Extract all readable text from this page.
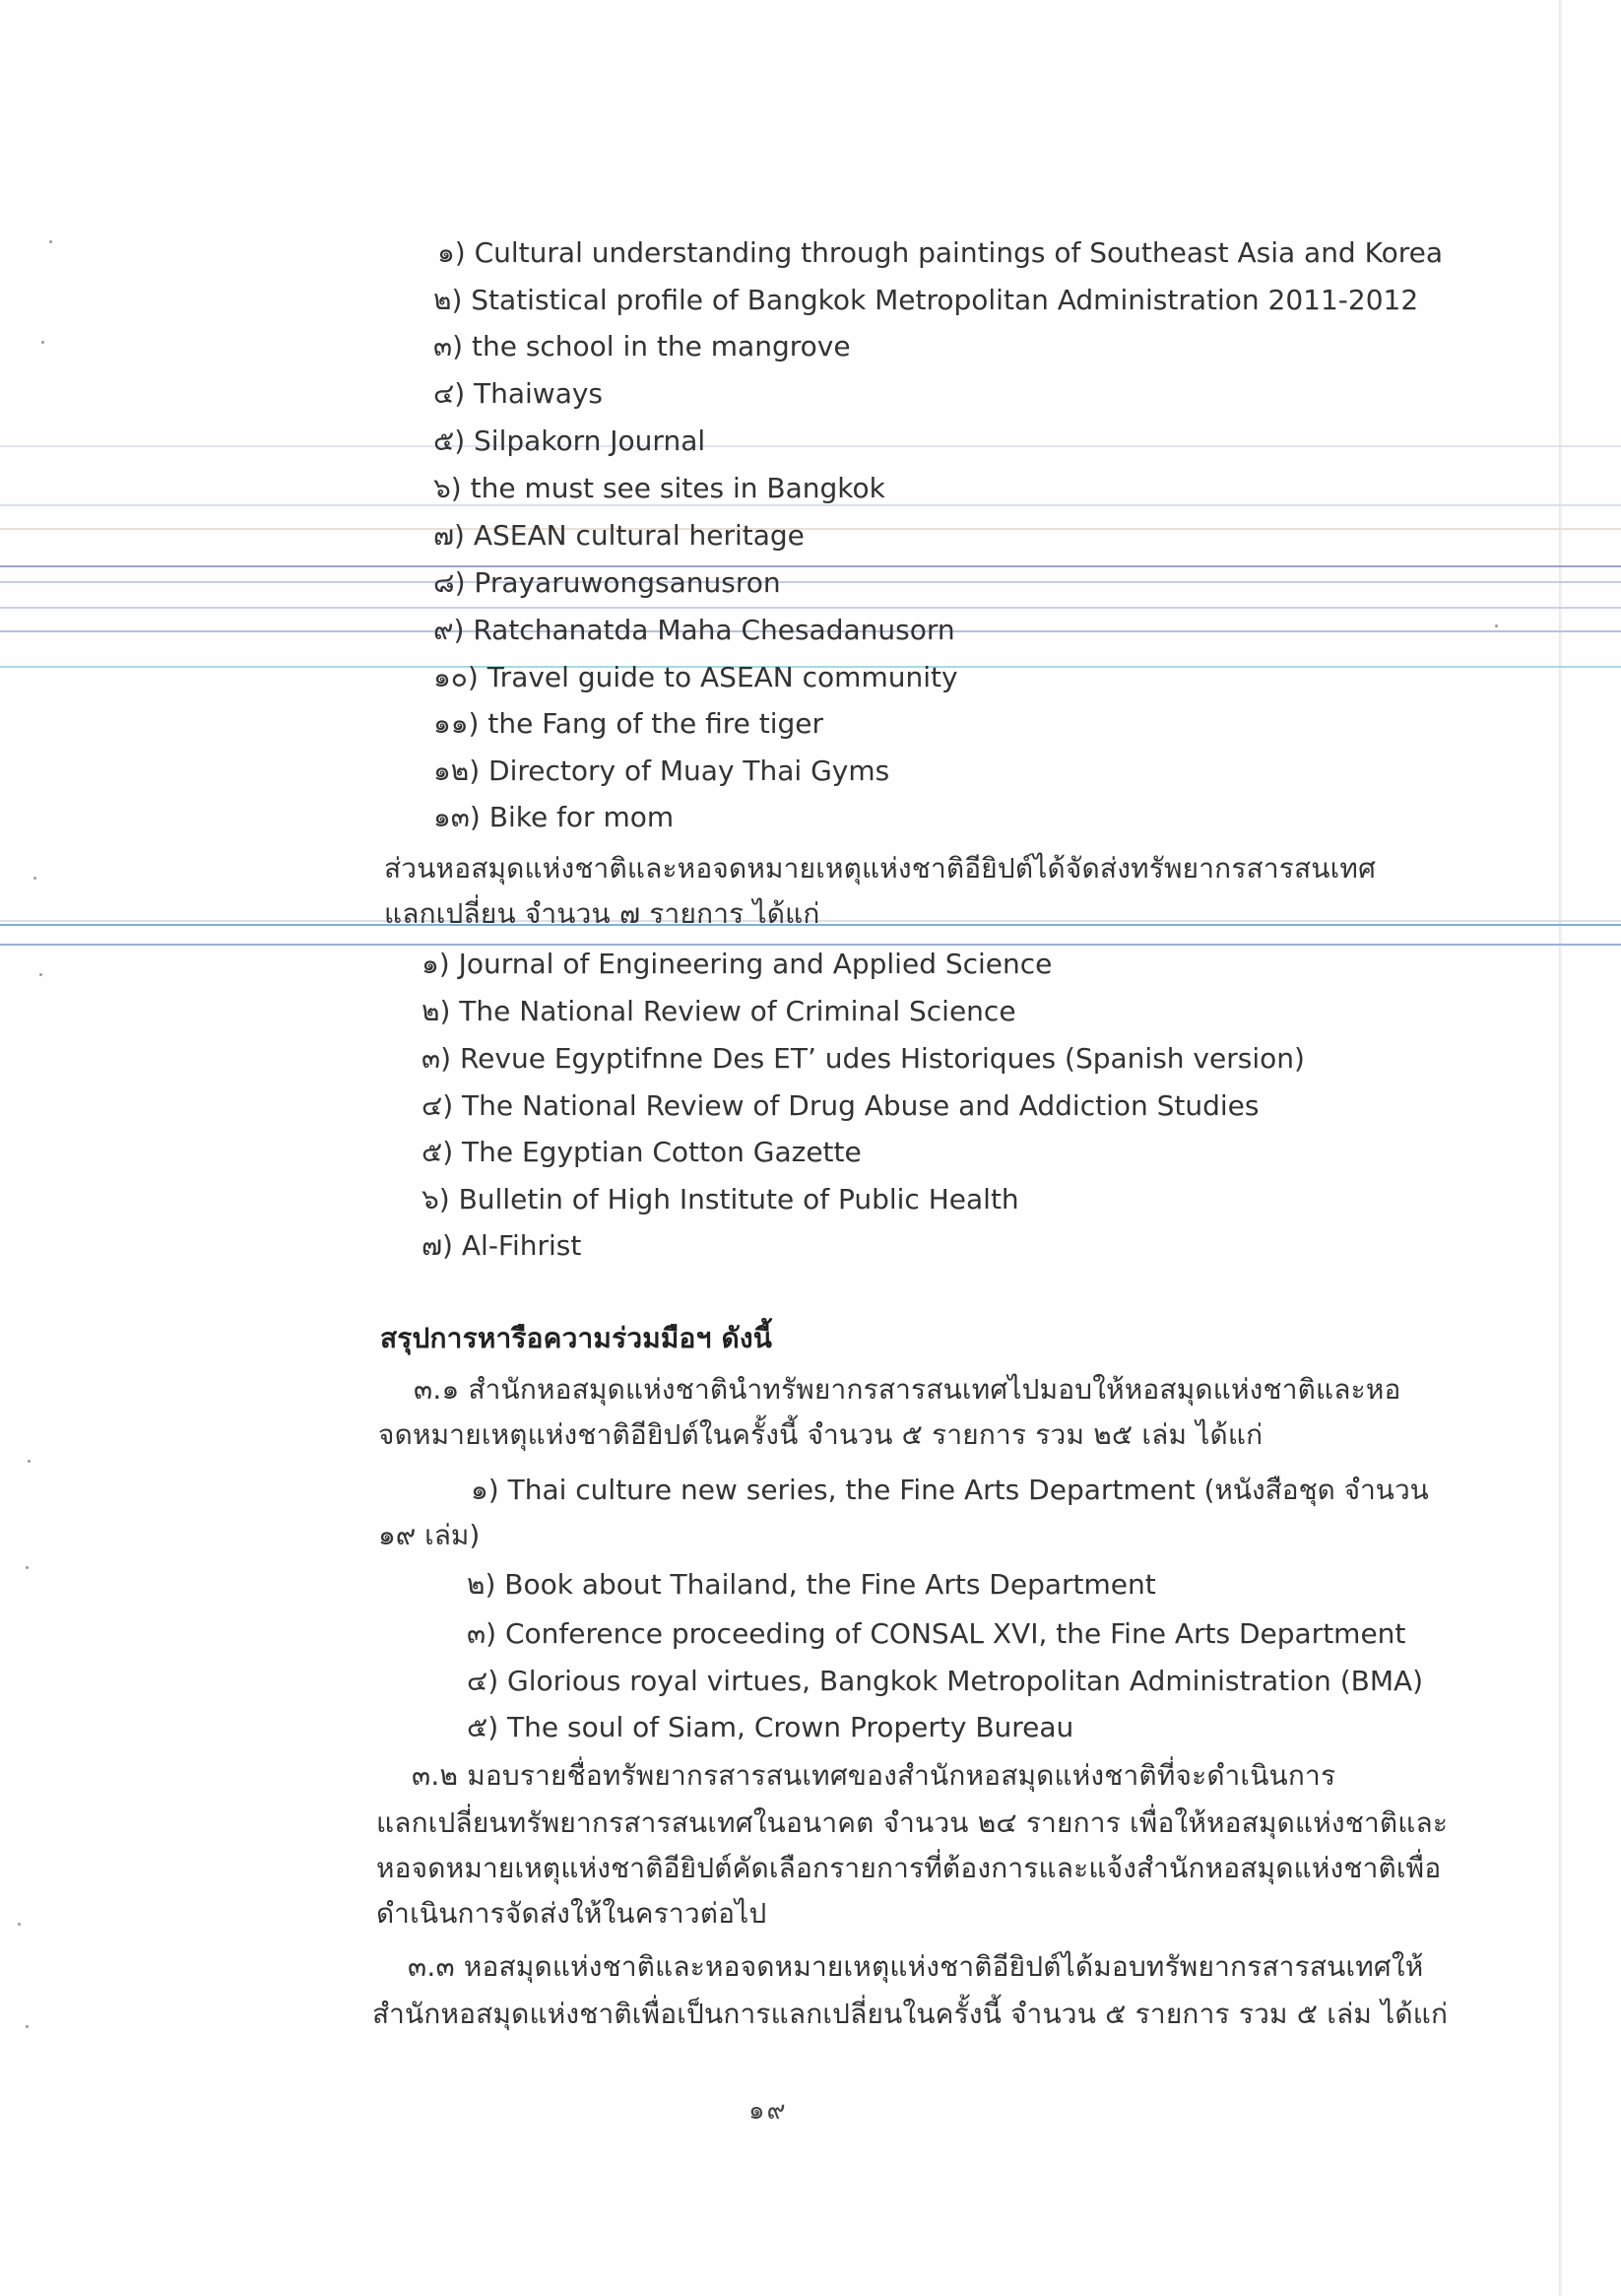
๑) Cultural understanding through paintings of Southeast Asia and Korea
๒) Statistical profile of Bangkok Metropolitan Administration 2011-2012
๓) the school in the mangrove
๔) Thaiways
๕) Silpakorn Journal
๖) the must see sites in Bangkok
๗) ASEAN cultural heritage
๘) Prayaruwongsanusron
๙) Ratchanatda Maha Chesadanusorn
๑๐) Travel guide to ASEAN community
๑๑) the Fang of the fire tiger
๑๒) Directory of Muay Thai Gyms
๑๓) Bike for mom
ส่วนหอสมุดแห่งชาติและหอจดหมายเหตุแห่งชาติอียิปต์ได้จัดส่งทรัพยากรสารสนเทศ
แลกเปลี่ยน จำนวน ๗ รายการ ได้แก่
๑) Journal of Engineering and Applied Science
๒) The National Review of Criminal Science
๓) Revue Egyptifnne Des ET’ udes Historiques (Spanish version)
๔) The National Review of Drug Abuse and Addiction Studies
๕) The Egyptian Cotton Gazette
๖) Bulletin of High Institute of Public Health
๗) Al-Fihrist
สรุปการหารือความร่วมมือฯ ดังนี้
๓.๑ สำนักหอสมุดแห่งชาตินำทรัพยากรสารสนเทศไปมอบให้หอสมุดแห่งชาติและหอ
จดหมายเหตุแห่งชาติอียิปต์ในครั้งนี้ จำนวน ๕ รายการ รวม ๒๕ เล่ม ได้แก่
๑) Thai culture new series, the Fine Arts Department (หนังสือชุด จำนวน
๑๙ เล่ม)
๒) Book about Thailand, the Fine Arts Department
๓) Conference proceeding of CONSAL XVI, the Fine Arts Department
๔) Glorious royal virtues, Bangkok Metropolitan Administration (BMA)
๕) The soul of Siam, Crown Property Bureau
๓.๒ มอบรายชื่อทรัพยากรสารสนเทศของสำนักหอสมุดแห่งชาติที่จะดำเนินการ
แลกเปลี่ยนทรัพยากรสารสนเทศในอนาคต จำนวน ๒๔ รายการ เพื่อให้หอสมุดแห่งชาติและ
หอจดหมายเหตุแห่งชาติอียิปต์คัดเลือกรายการที่ต้องการและแจ้งสำนักหอสมุดแห่งชาติเพื่อ
ดำเนินการจัดส่งให้ในคราวต่อไป
๓.๓ หอสมุดแห่งชาติและหอจดหมายเหตุแห่งชาติอียิปต์ได้มอบทรัพยากรสารสนเทศให้
สำนักหอสมุดแห่งชาติเพื่อเป็นการแลกเปลี่ยนในครั้งนี้ จำนวน ๕ รายการ รวม ๕ เล่ม ได้แก่
๑๙
